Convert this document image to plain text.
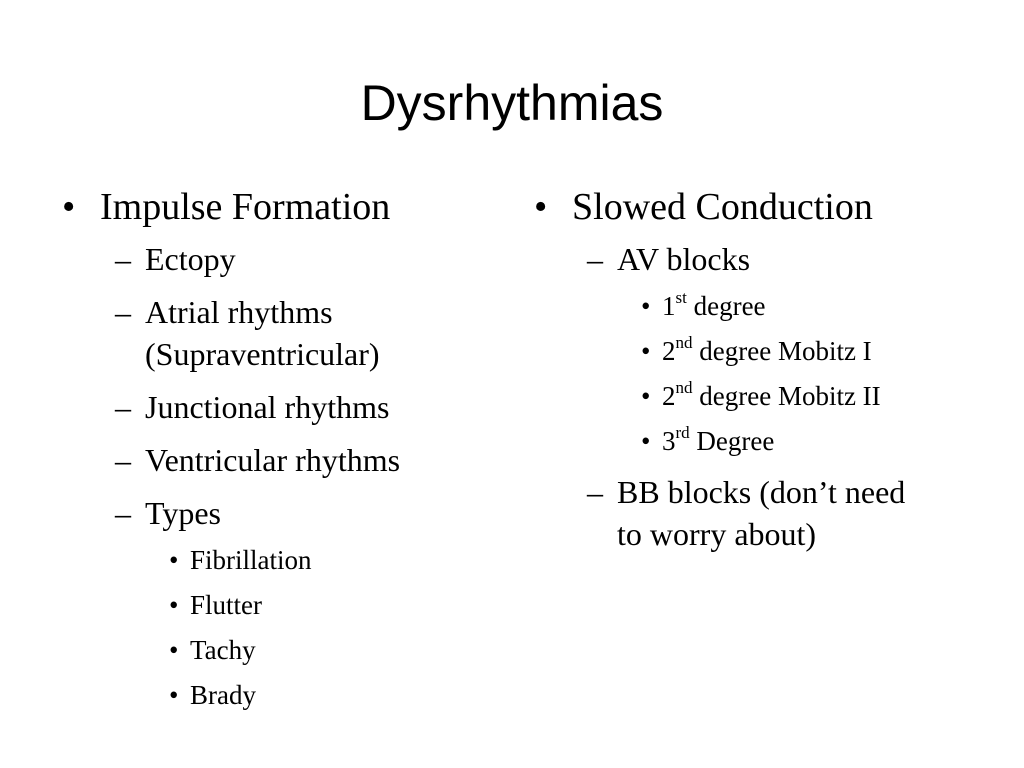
Dysrhythmias
• Impulse Formation
– Ectopy
– Atrial rhythms (Supraventricular)
– Junctional rhythms
– Ventricular rhythms
– Types
• Fibrillation
• Flutter
• Tachy
• Brady
• Slowed Conduction
– AV blocks
• 1st degree
• 2nd degree Mobitz I
• 2nd degree Mobitz II
• 3rd Degree
– BB blocks (don’t need to worry about)
